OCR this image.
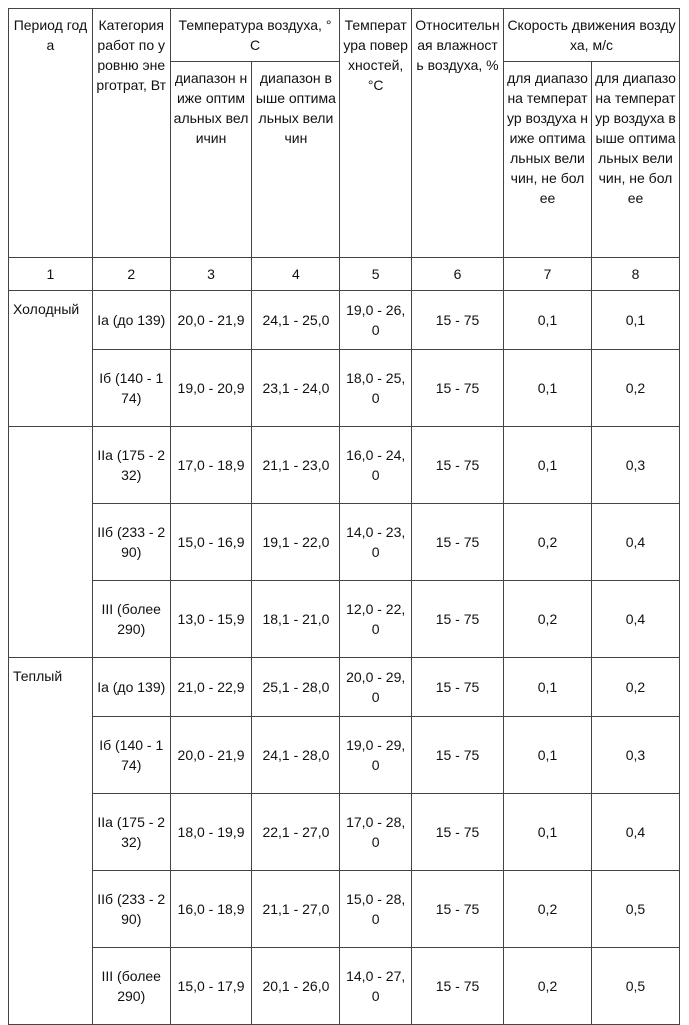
Период года	Категория работ по уровню энерготрат, Вт	Температура воздуха, °С		Температура поверхностей, °С	Относительная влажность воздуха, %	Скорость движения воздуха, м/с	
		диапазон ниже оптимальных величин	диапазон выше оптимальных величин			для диапазона температур воздуха ниже оптимальных величин, не более	для диапазона температур воздуха выше оптимальных величин, не более
1	2	3	4	5	6	7	8
Холодный	Iа (до 139)	20,0 - 21,9	24,1 - 25,0	19,0 - 26,0	15 - 75	0,1	0,1
	Iб (140 - 174)	19,0 - 20,9	23,1 - 24,0	18,0 - 25,0	15 - 75	0,1	0,2
	IIа (175 - 232)	17,0 - 18,9	21,1 - 23,0	16,0 - 24,0	15 - 75	0,1	0,3
	IIб (233 - 290)	15,0 - 16,9	19,1 - 22,0	14,0 - 23,0	15 - 75	0,2	0,4
	III (более 290)	13,0 - 15,9	18,1 - 21,0	12,0 - 22,0	15 - 75	0,2	0,4
Теплый	Iа (до 139)	21,0 - 22,9	25,1 - 28,0	20,0 - 29,0	15 - 75	0,1	0,2
	Iб (140 - 174)	20,0 - 21,9	24,1 - 28,0	19,0 - 29,0	15 - 75	0,1	0,3
	IIа (175 - 232)	18,0 - 19,9	22,1 - 27,0	17,0 - 28,0	15 - 75	0,1	0,4
	IIб (233 - 290)	16,0 - 18,9	21,1 - 27,0	15,0 - 28,0	15 - 75	0,2	0,5
	III (более 290)	15,0 - 17,9	20,1 - 26,0	14,0 - 27,0	15 - 75	0,2	0,5
